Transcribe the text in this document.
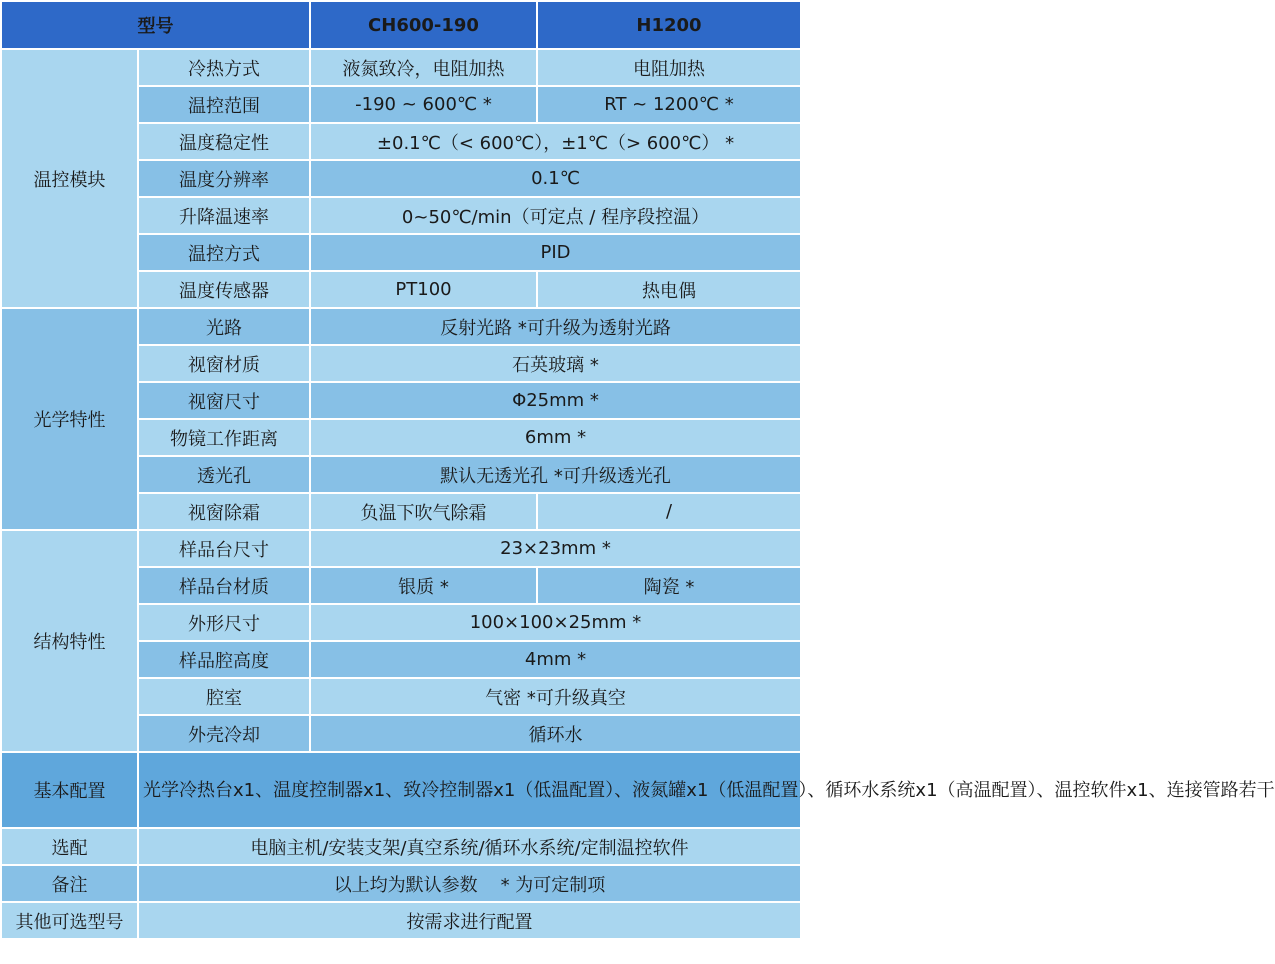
型号		CH600-190	H1200
温控模块	冷热方式	液氮致冷，电阻加热	电阻加热
	温控范围	-190 ~ 600℃ *	RT ~ 1200℃ *
	温度稳定性	±0.1℃（< 600℃），±1℃（> 600℃） *	
	温度分辨率	0.1℃	
	升降温速率	0~50℃/min（可定点 / 程序段控温）	
	温控方式	PID	
	温度传感器	PT100	热电偶
光学特性	光路	反射光路 *可升级为透射光路	
	视窗材质	石英玻璃 *	
	视窗尺寸	Φ25mm *	
	物镜工作距离	6mm *	
	透光孔	默认无透光孔 *可升级透光孔	
	视窗除霜	负温下吹气除霜	/
结构特性	样品台尺寸	23×23mm *	
	样品台材质	银质 *	陶瓷 *
	外形尺寸	100×100×25mm *	
	样品腔高度	4mm *	
	腔室	气密 *可升级真空	
	外壳冷却	循环水	
基本配置	光学冷热台x1、温度控制器x1、致冷控制器x1（低温配置）、液氮罐x1（低温配置）、循环水系统x1（高温配置）、温控软件x1、连接管路若干		
选配	电脑主机/安装支架/真空系统/循环水系统/定制温控软件		
备注	以上均为默认参数    * 为可定制项		
其他可选型号	按需求进行配置		
